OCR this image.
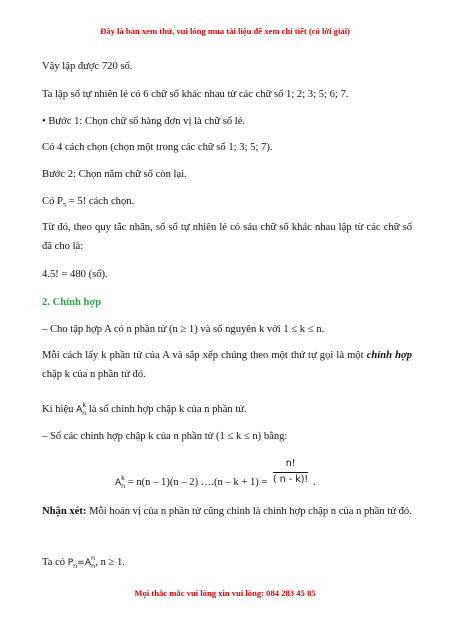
Đây là bản xem thử, vui lòng mua tài liệu để xem chi tiết (có lời giải)
Vậy lập được 720 số.
Ta lập số tự nhiên lẻ có 6 chữ số khác nhau từ các chữ số 1; 2; 3; 5; 6; 7.
• Bước 1: Chọn chữ số hàng đơn vị là chữ số lẻ.
Có 4 cách chọn (chọn một trong các chữ số 1; 3; 5; 7).
Bước 2: Chọn năm chữ số còn lại.
Có $P_5 = 5$! cách chọn.
Từ đó, theo quy tắc nhân, số số tự nhiên lẻ có sáu chữ số khác nhau lập từ các chữ số đã cho là:
4.5! = 480 (số).
2. Chỉnh hợp
– Cho tập hợp A có n phần tử (n ≥ 1) và số nguyên k với 1 ≤ k ≤ n.
Mỗi cách lấy k phần tử của A và sắp xếp chúng theo một thứ tự gọi là một chỉnh hợp chập k của n phần tử đó.
Kí hiệu $A^k_n$ là số chỉnh hợp chập k của n phần tử.
– Số các chỉnh hợp chập k của n phần tử (1 ≤ k ≤ n) bằng:
$A^k_n = n(n - 1)(n - 2)$ ….(n – $k + 1) = \frac{n!}{( n - k)!}$ .
Nhận xét: Mỗi hoán vị của n phần tử cũng chính là chỉnh hợp chập n của n phần tử đó.
Ta có $P_n=A^n_n$, n ≥ 1.
Mọi thắc mắc vui lòng xin vui lòng: 084 283 45 85
